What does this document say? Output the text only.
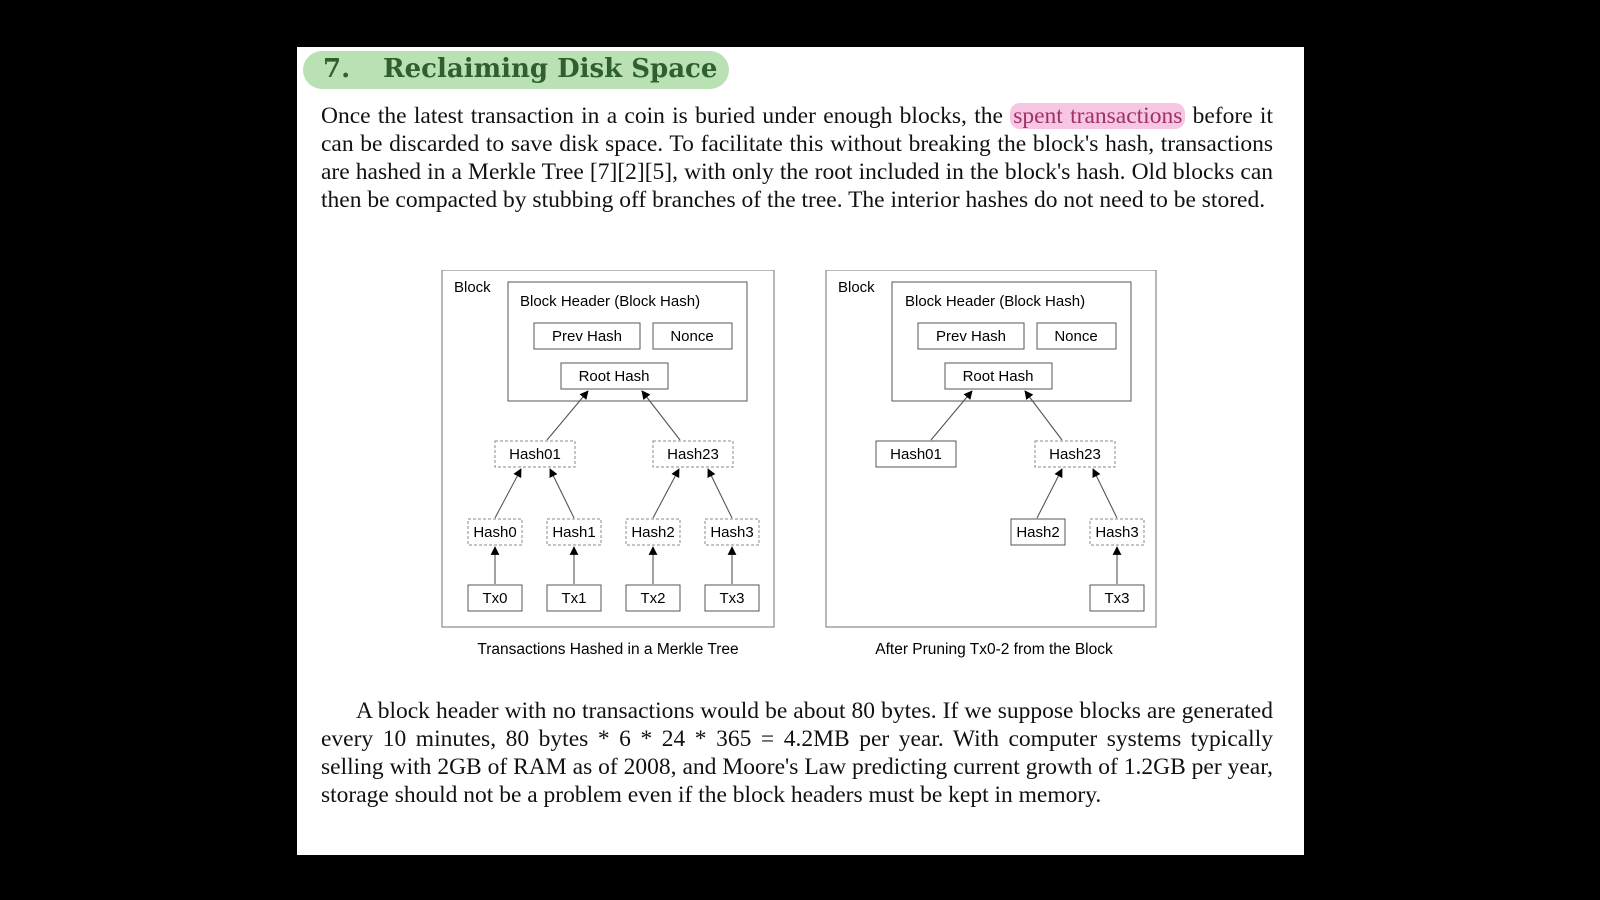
7. Reclaiming Disk Space

Once the latest transaction in a coin is buried under enough blocks, the spent transactions before it can be discarded to save disk space. To facilitate this without breaking the block's hash, transactions are hashed in a Merkle Tree [7][2][5], with only the root included in the block's hash. Old blocks can then be compacted by stubbing off branches of the tree. The interior hashes do not need to be stored.

Block
Block Header (Block Hash)
Prev Hash	Nonce
Root Hash
Hash01	Hash23
Hash0 Hash1 Hash2 Hash3
Tx0	Tx1	Tx2	Tx3
Transactions Hashed in a Merkle Tree
Block
Block Header (Block Hash)
Prev Hash	Nonce
Root Hash
Hash01	Hash23
Hash2 Hash3
Tx3
After Pruning Tx0-2 from the Block

A block header with no transactions would be about 80 bytes. If we suppose blocks are generated every 10 minutes, 80 bytes * 6 * 24 * 365 = 4.2MB per year. With computer systems typically selling with 2GB of RAM as of 2008, and Moore's Law predicting current growth of 1.2GB per year, storage should not be a problem even if the block headers must be kept in memory.
